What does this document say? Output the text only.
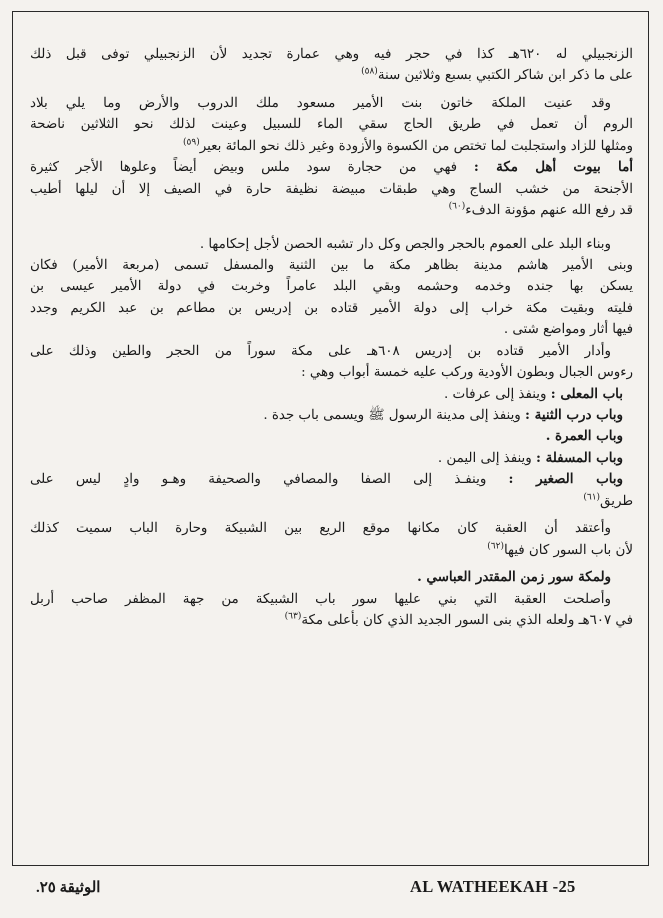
الزنجبيلي له ٦٢٠هـ كذا في حجر فيه وهي عمارة تجديد لأن الزنجبيلي توفى قبل ذلك
على ما ذكر ابن شاكر الكتبي بسبع وثلاثين سنة$^{(٥٨)}$
وقد عنيت الملكة خاتون بنت الأمير مسعود ملك الدروب والأرض وما يلي بلاد
الروم أن تعمل في طريق الحاج سقي الماء للسبيل وعينت لذلك نحو الثلاثين ناضحة
ومثلها للزاد واستجلبت لما تختص من الكسوة والأزودة وغير ذلك نحو المائة بعير$^{(٥٩)}$
أما بيوت أهل مكة : فهي من حجارة سود ملس وبيض أيضاً وعلوها الأجر كثيرة
الأجنحة من خشب الساج وهي طبقات مبيضة نظيفة حارة في الصيف إلا أن ليلها أطيب
قد رفع الله عنهم مؤونة الدفء$^{(٦٠)}$
وبناء البلد على العموم بالحجر والجص وكل دار تشبه الحصن لأجل إحكامها .
وبنى الأمير هاشم مدينة بظاهر مكة ما بين الثنية والمسفل تسمى (مربعة الأمير) فكان
يسكن بها جنده وخدمه وحشمه وبقي البلد عامراً وخربت في دولة الأمير عيسى بن
فليته وبقيت مكة خراب إلى دولة الأمير قتاده بن إدريس بن مطاعم بن عبد الكريم وجدد
فيها أثار ومواضع شتى .
وأدار الأمير قتاده بن إدريس ٦٠٨هـ على مكة سوراً من الحجر والطين وذلك على
رءوس الجبال وبطون الأودية وركب عليه خمسة أبواب وهي :
باب المعلى : وينفذ إلى عرفات .
وباب درب الثنية : وينفذ إلى مدينة الرسول ﷺ ويسمى باب جدة .
وباب العمرة .
وباب المسفلة : وينفذ إلى اليمن .
وباب الصغير : وينفـذ إلى الصفا والمصافي والصحيفة وهـو وادٍ ليس على
طريق$^{(٦١)}$
وأعتقد أن العقبة كان مكانها موقع الريع بين الشبيكة وحارة الباب سميت كذلك
لأن باب السور كان فيها$^{(٦٢)}$
ولمكة سور زمن المقتدر العباسي .
وأصلحت العقبة التي بني عليها سور باب الشبيكة من جهة المظفر صاحب أربل
في ٦٠٧هـ ولعله الذي بنى السور الجديد الذي كان بأعلى مكة$^{(٦٣)}$
AL WATHEEKAH -25
الوثيقة ٢٥.
